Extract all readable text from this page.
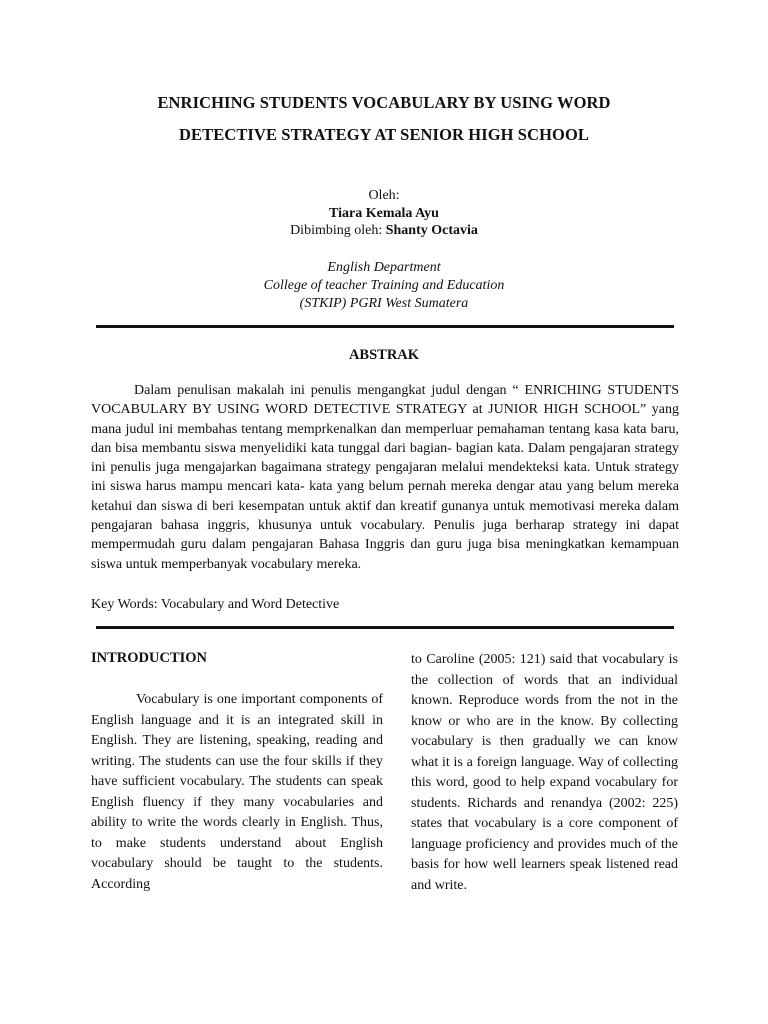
ENRICHING STUDENTS VOCABULARY BY USING WORD
DETECTIVE STRATEGY AT SENIOR HIGH SCHOOL
Oleh:
Tiara Kemala Ayu
Dibimbing oleh: Shanty Octavia
English Department
College of teacher Training and Education
(STKIP) PGRI West Sumatera
ABSTRAK

Dalam penulisan makalah ini penulis mengangkat judul dengan “ ENRICHING STUDENTS VOCABULARY BY USING WORD DETECTIVE STRATEGY at JUNIOR HIGH SCHOOL” yang mana judul ini membahas tentang memprkenalkan dan memperluar pemahaman tentang kasa kata baru, dan bisa membantu siswa menyelidiki kata tunggal dari bagian- bagian kata. Dalam pengajaran strategy ini penulis juga mengajarkan bagaimana strategy pengajaran melalui mendekteksi kata. Untuk strategy ini siswa harus mampu mencari kata- kata yang belum pernah mereka dengar atau yang belum mereka ketahui dan siswa di beri kesempatan untuk aktif dan kreatif gunanya untuk memotivasi mereka dalam pengajaran bahasa inggris, khusunya untuk vocabulary. Penulis juga berharap strategy ini dapat mempermudah guru dalam pengajaran Bahasa Inggris dan guru juga bisa meningkatkan kemampuan siswa untuk memperbanyak vocabulary mereka.

Key Words: Vocabulary and Word Detective
INTRODUCTION

Vocabulary is one important components of English language and it is an integrated skill in English. They are listening, speaking, reading and writing. The students can use the four skills if they have sufficient vocabulary. The students can speak English fluency if they many vocabularies and ability to write the words clearly in English. Thus, to make students understand about English vocabulary should be taught to the students. According

to Caroline (2005: 121) said that vocabulary is the collection of words that an individual known. Reproduce words from the not in the know or who are in the know. By collecting vocabulary is then gradually we can know what it is a foreign language. Way of collecting this word, good to help expand vocabulary for students. Richards and renandya (2002: 225) states that vocabulary is a core component of language proficiency and provides much of the basis for how well learners speak listened read and write.
